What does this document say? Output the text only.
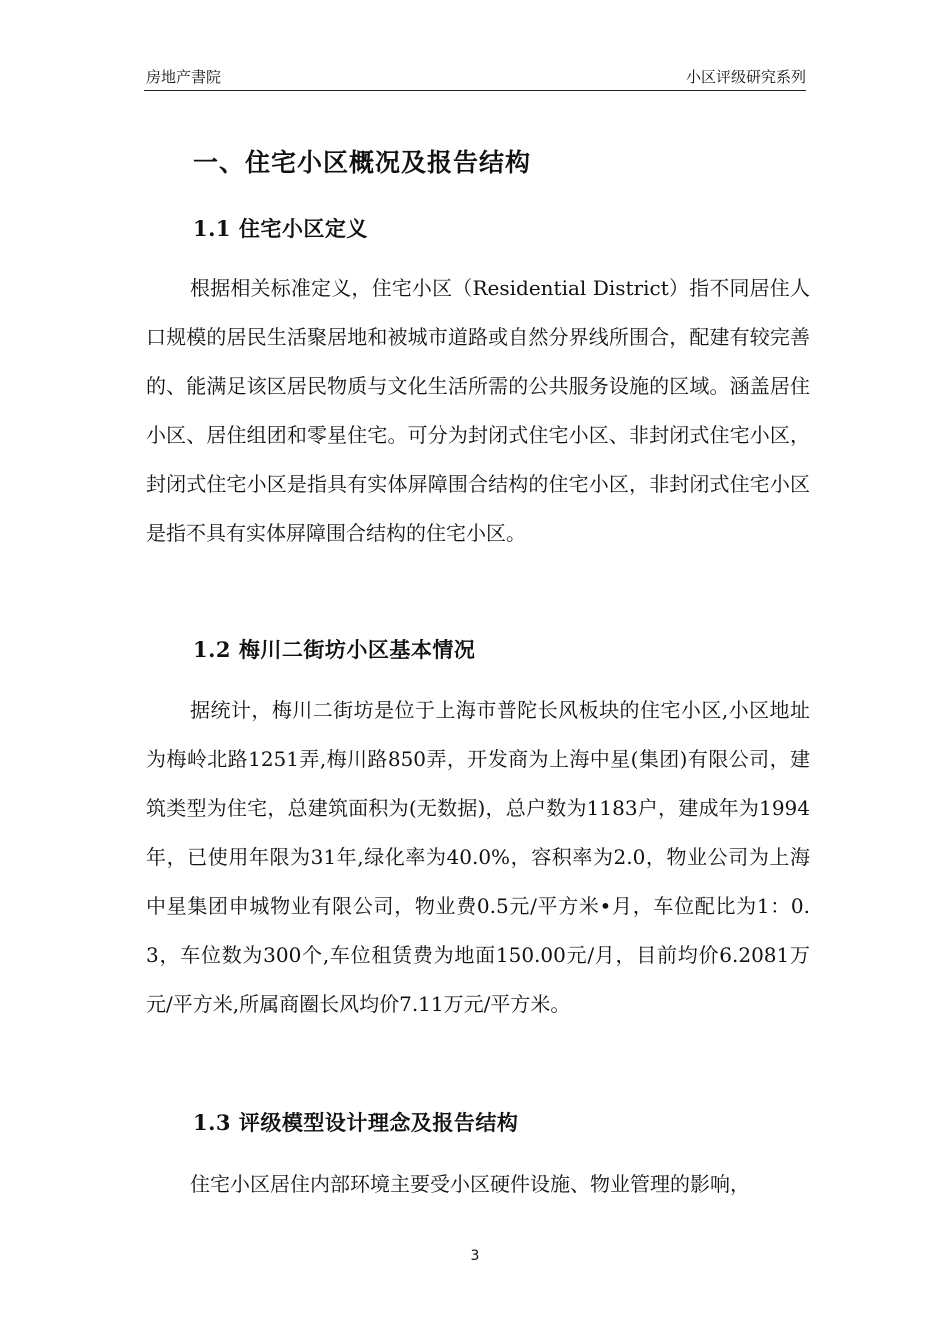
房地产書院	小区评级研究系列
一、住宅小区概况及报告结构
1.1 住宅小区定义

根据相关标准定义，住宅小区（Residential District）指不同居住人口规模的居民生活聚居地和被城市道路或自然分界线所围合，配建有较完善的、能满足该区居民物质与文化生活所需的公共服务设施的区域。涵盖居住小区、居住组团和零星住宅。可分为封闭式住宅小区、非封闭式住宅小区，封闭式住宅小区是指具有实体屏障围合结构的住宅小区，非封闭式住宅小区是指不具有实体屏障围合结构的住宅小区。

1.2 梅川二街坊小区基本情况

据统计，梅川二街坊是位于上海市普陀长风板块的住宅小区,小区地址为梅岭北路1251弄,梅川路850弄，开发商为上海中星(集团)有限公司，建筑类型为住宅，总建筑面积为(无数据)，总户数为1183户，建成年为1994年，已使用年限为31年,绿化率为40.0%，容积率为2.0，物业公司为上海中星集团申城物业有限公司，物业费0.5元/平方米•月，车位配比为1：0.3，车位数为300个,车位租赁费为地面150.00元/月，目前均价6.2081万元/平方米,所属商圈长风均价7.11万元/平方米。

1.3 评级模型设计理念及报告结构

住宅小区居住内部环境主要受小区硬件设施、物业管理的影响，

3
